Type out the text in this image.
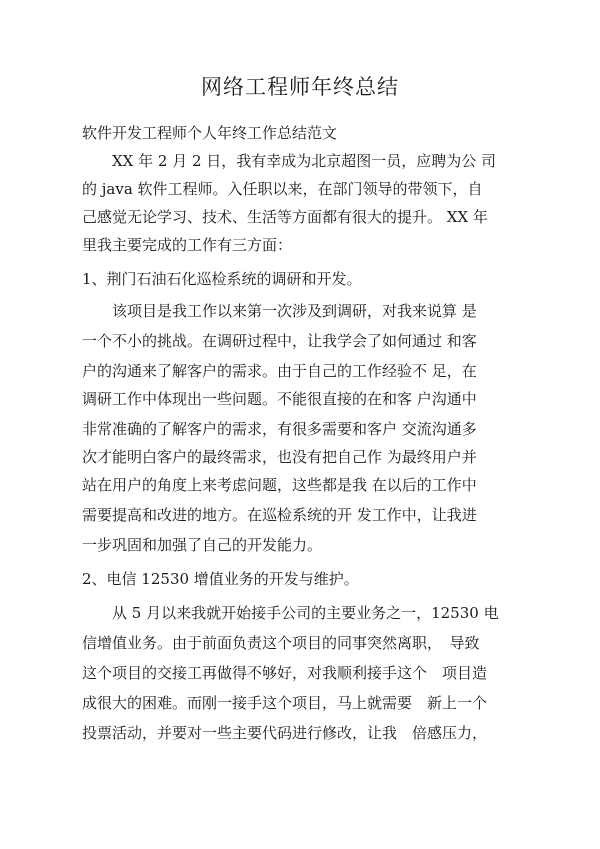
网络工程师年终总结

软件开发工程师个人年终工作总结范文

　　XX 年 2 月 2 日，我有幸成为北京超图一员，应聘为公 司

的 java 软件工程师。入任职以来，在部门领导的带领下，自

己感觉无论学习、技术、生活等方面都有很大的提升。 XX 年

里我主要完成的工作有三方面：

1、荆门石油石化巡检系统的调研和开发。

　　该项目是我工作以来第一次涉及到调研，对我来说算 是

一个不小的挑战。在调研过程中，让我学会了如何通过 和客

户的沟通来了解客户的需求。由于自己的工作经验不 足，在

调研工作中体现出一些问题。不能很直接的在和客 户沟通中

非常准确的了解客户的需求，有很多需要和客户 交流沟通多

次才能明白客户的最终需求，也没有把自己作 为最终用户并

站在用户的角度上来考虑问题，这些都是我 在以后的工作中

需要提高和改进的地方。在巡检系统的开 发工作中，让我进

一步巩固和加强了自己的开发能力。

2、电信 12530 增值业务的开发与维护。

　　从 5 月以来我就开始接手公司的主要业务之一，12530 电

信增值业务。由于前面负责这个项目的同事突然离职，　导致

这个项目的交接工再做得不够好，对我顺利接手这个　项目造

成很大的困难。而刚一接手这个项目，马上就需要　新上一个

投票活动，并要对一些主要代码进行修改，让我　倍感压力，
